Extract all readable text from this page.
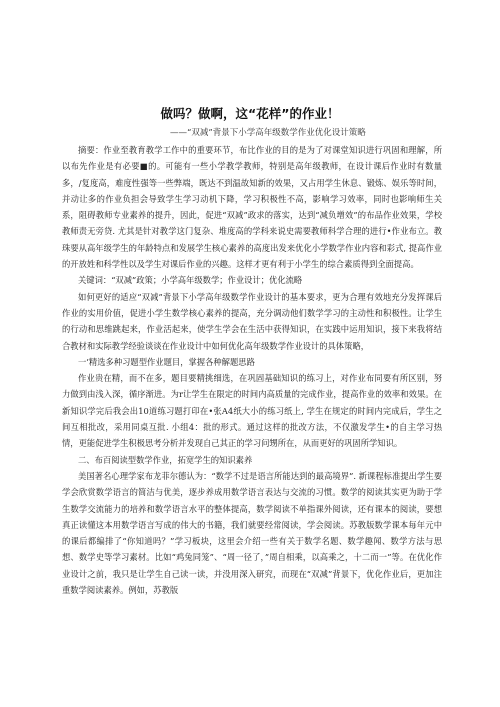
做吗？做啊，这“花样”的作业！
——“双减”背景下小学高年级数学作业优化设计策略

摘要：作业至教育教学工作中的重要环节，布比作业的目的是为了对课堂知识进行巩固和理解，所以布先作业是有必要■的。可能有一些小学教学教师，特别是高年级教师，在设计课后作业时有数量多，/复度高，难度性强等一些弊端，既达不到温故知新的效果，又占用学生休息、锻炼、娱乐等时间，并动让多的作业负担会导致学生学习动机下降，学习积极性不高，影响学习效率，同时也影响师生关系，阻碍教师专业素养的提升，因此，促进“双减”政求的落实，达到“减负增效”的布品作业效果，学校教师责无旁贷. 尤其是针对教学这门复杂、堆度高的学科来说史需要教师科学合理的进行•作业布立。教珠要从高年级学生的年龄特点和发展学生核心素养的高度出发来优化小学数学作业内容和彩式, 提高作业的开放姓和科学性以及学生对课后作业的兴趣。这样才更有利于小学生的综合素质得到全面提高。

关键词：“双减”政策；小学高年级数学；作业设计；优化流略

如何更好的适应“双减”背景下小学高年级数学作业设计的基本要求，更为合理有效地充分发挥课后作业的实用价值，促进小学生数学核心素养的提高，充分调动他们数学学习的主动性和积极性。让学生的行动和思维跳起来，作业活起来，使学生学会在生活中获得知识，在实践中运用知识，接下来我将结合教材和实际教学经验谈谈在作业设计中如何优化高年级数学作业设计的具体策略，

一’精选多种习题型作业题目，掌握各种解题思路

作业贵在精，而不在多，题目要精挑细选，在巩固基础知识的练习上，对作业布同要有所区别，努力做到由浅入深，循序渐进。为r让学生在限定的时间内高质量的完成作业，提高作业的效率和效果。在新知识学完后我会出10道练习题打印在•张A4纸大小的练习纸上, 学生在规定的时间内完成后，学生之间互相批改，采用同桌互批. 小组4：批的形式。通过这样的批改方法，不仅激发学生•的自主学习热情，更能促进学生积极思考分析并发现自己其正的学习问甥所在，从而更好的巩固所学知识。

二、布百阅读型数学作业，拓宽学生的知识素养

美国著名心理学家布龙菲尔德认为：“数学不过是语言所能达到的最高境界”. 新课程标准提出学生要学会欣赏数学语言的简洁与优美，逐步养成用数学语言表达与交流的习惯。数学的阅读其实更为助于学生数学交流能力的培养和数学语言水平的整体提高，数学阅读不单指课外阅读，还有课本的阅读，要想真正读懂这本用数学语言写成的伟大的书籍，我们就要经常阅读，学会阅读。苏教版数学课本每年元中的课后都编排了“你知道吗？”学习板块，这里会介绍一些有关于数学名题、数学趣闻、数学方法与思想、数学史等学习素材。比如“鸡兔同笼”、“周一径了，”周自相乘，以高乘之，十二而一”等。在优化作业设计之前，我只是让学生自己读一读，并没用深入研究，而现在“双减”背景下，优化作业后，更加注重数学阅读素养。例如，苏教版
